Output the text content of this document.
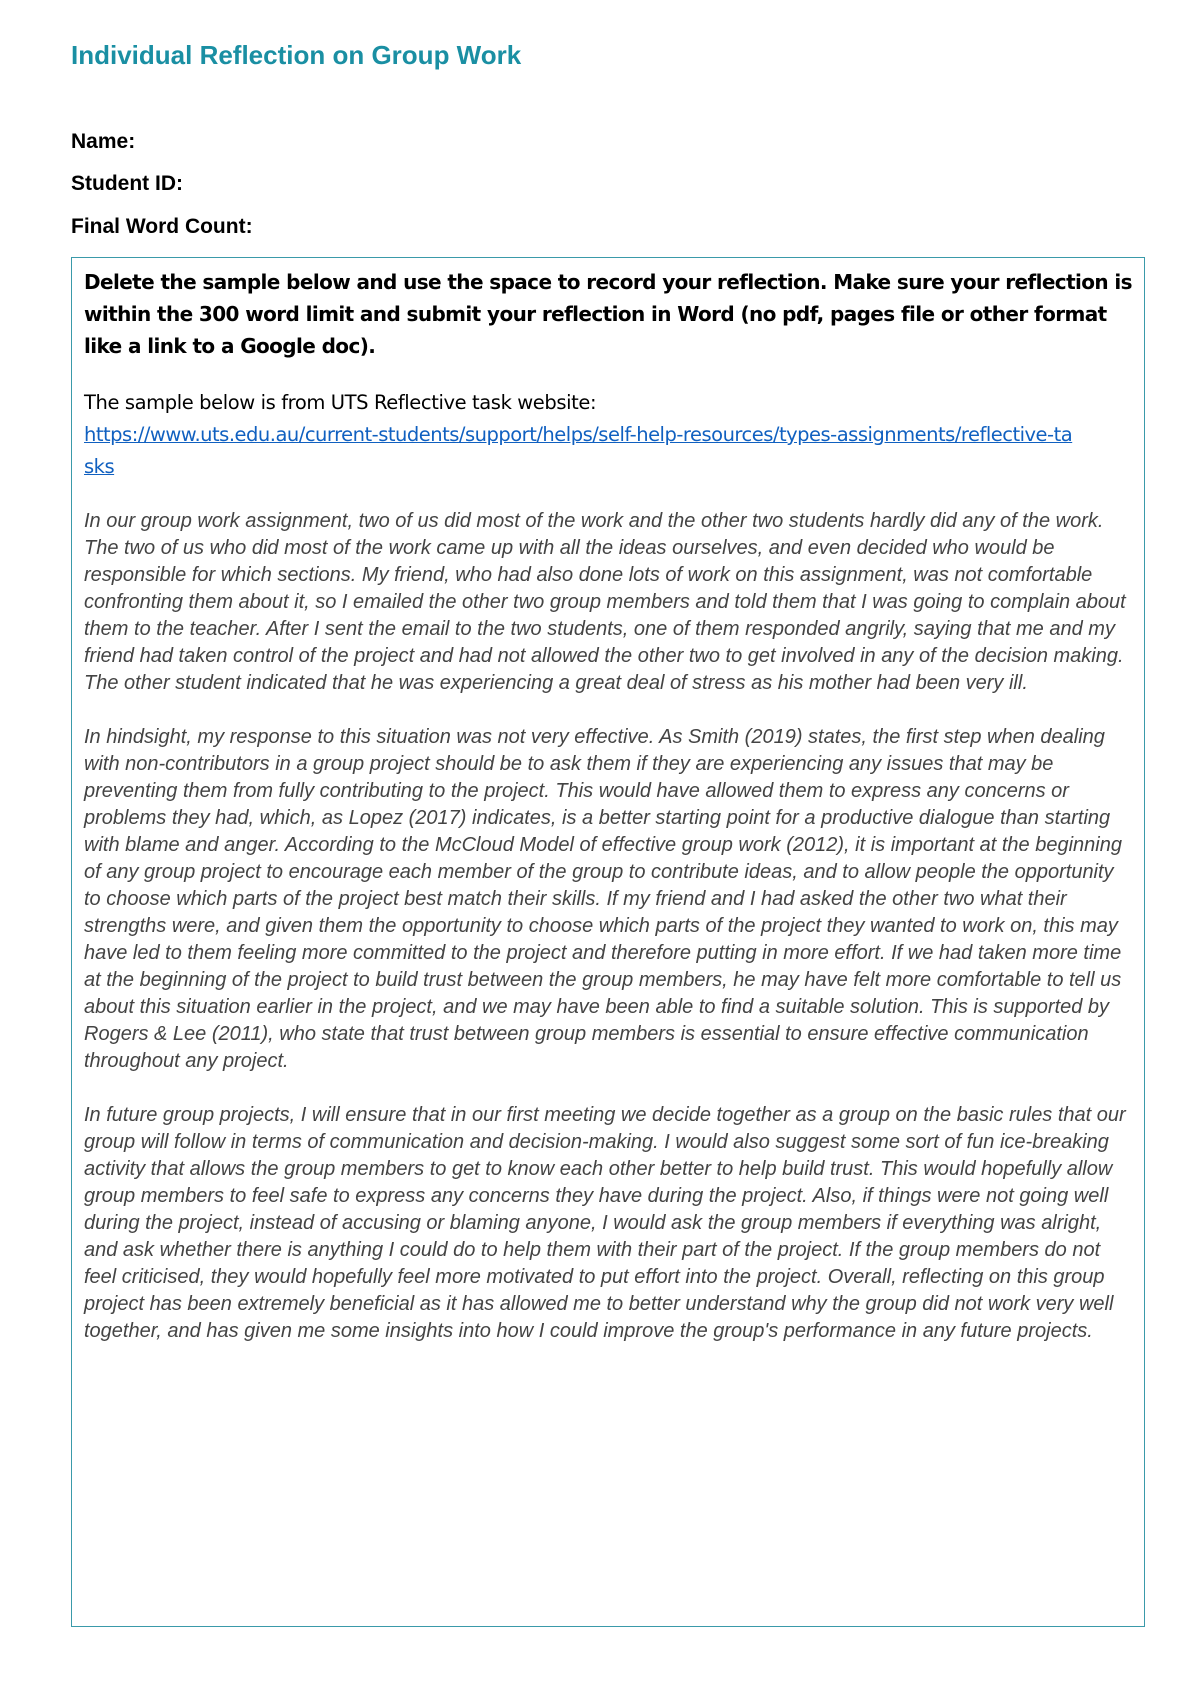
Individual Reflection on Group Work
Name:
Student ID:
Final Word Count:

Delete the sample below and use the space to record your reflection. Make sure your reflection is within the 300 word limit and submit your reflection in Word (no pdf, pages file or other format like a link to a Google doc).

The sample below is from UTS Reflective task website:

https://www.uts.edu.au/current-students/support/helps/self-help-resources/types-assignments/reflective-tasks

In our group work assignment, two of us did most of the work and the other two students hardly did any of the work. The two of us who did most of the work came up with all the ideas ourselves, and even decided who would be responsible for which sections. My friend, who had also done lots of work on this assignment, was not comfortable confronting them about it, so I emailed the other two group members and told them that I was going to complain about them to the teacher. After I sent the email to the two students, one of them responded angrily, saying that me and my friend had taken control of the project and had not allowed the other two to get involved in any of the decision making. The other student indicated that he was experiencing a great deal of stress as his mother had been very ill.

In hindsight, my response to this situation was not very effective. As Smith (2019) states, the first step when dealing with non-contributors in a group project should be to ask them if they are experiencing any issues that may be preventing them from fully contributing to the project. This would have allowed them to express any concerns or problems they had, which, as Lopez (2017) indicates, is a better starting point for a productive dialogue than starting with blame and anger. According to the McCloud Model of effective group work (2012), it is important at the beginning of any group project to encourage each member of the group to contribute ideas, and to allow people the opportunity to choose which parts of the project best match their skills. If my friend and I had asked the other two what their strengths were, and given them the opportunity to choose which parts of the project they wanted to work on, this may have led to them feeling more committed to the project and therefore putting in more effort. If we had taken more time at the beginning of the project to build trust between the group members, he may have felt more comfortable to tell us about this situation earlier in the project, and we may have been able to find a suitable solution. This is supported by Rogers & Lee (2011), who state that trust between group members is essential to ensure effective communication throughout any project.

In future group projects, I will ensure that in our first meeting we decide together as a group on the basic rules that our group will follow in terms of communication and decision-making. I would also suggest some sort of fun ice-breaking activity that allows the group members to get to know each other better to help build trust. This would hopefully allow group members to feel safe to express any concerns they have during the project. Also, if things were not going well during the project, instead of accusing or blaming anyone, I would ask the group members if everything was alright, and ask whether there is anything I could do to help them with their part of the project. If the group members do not feel criticised, they would hopefully feel more motivated to put effort into the project. Overall, reflecting on this group project has been extremely beneficial as it has allowed me to better understand why the group did not work very well together, and has given me some insights into how I could improve the group's performance in any future projects.
